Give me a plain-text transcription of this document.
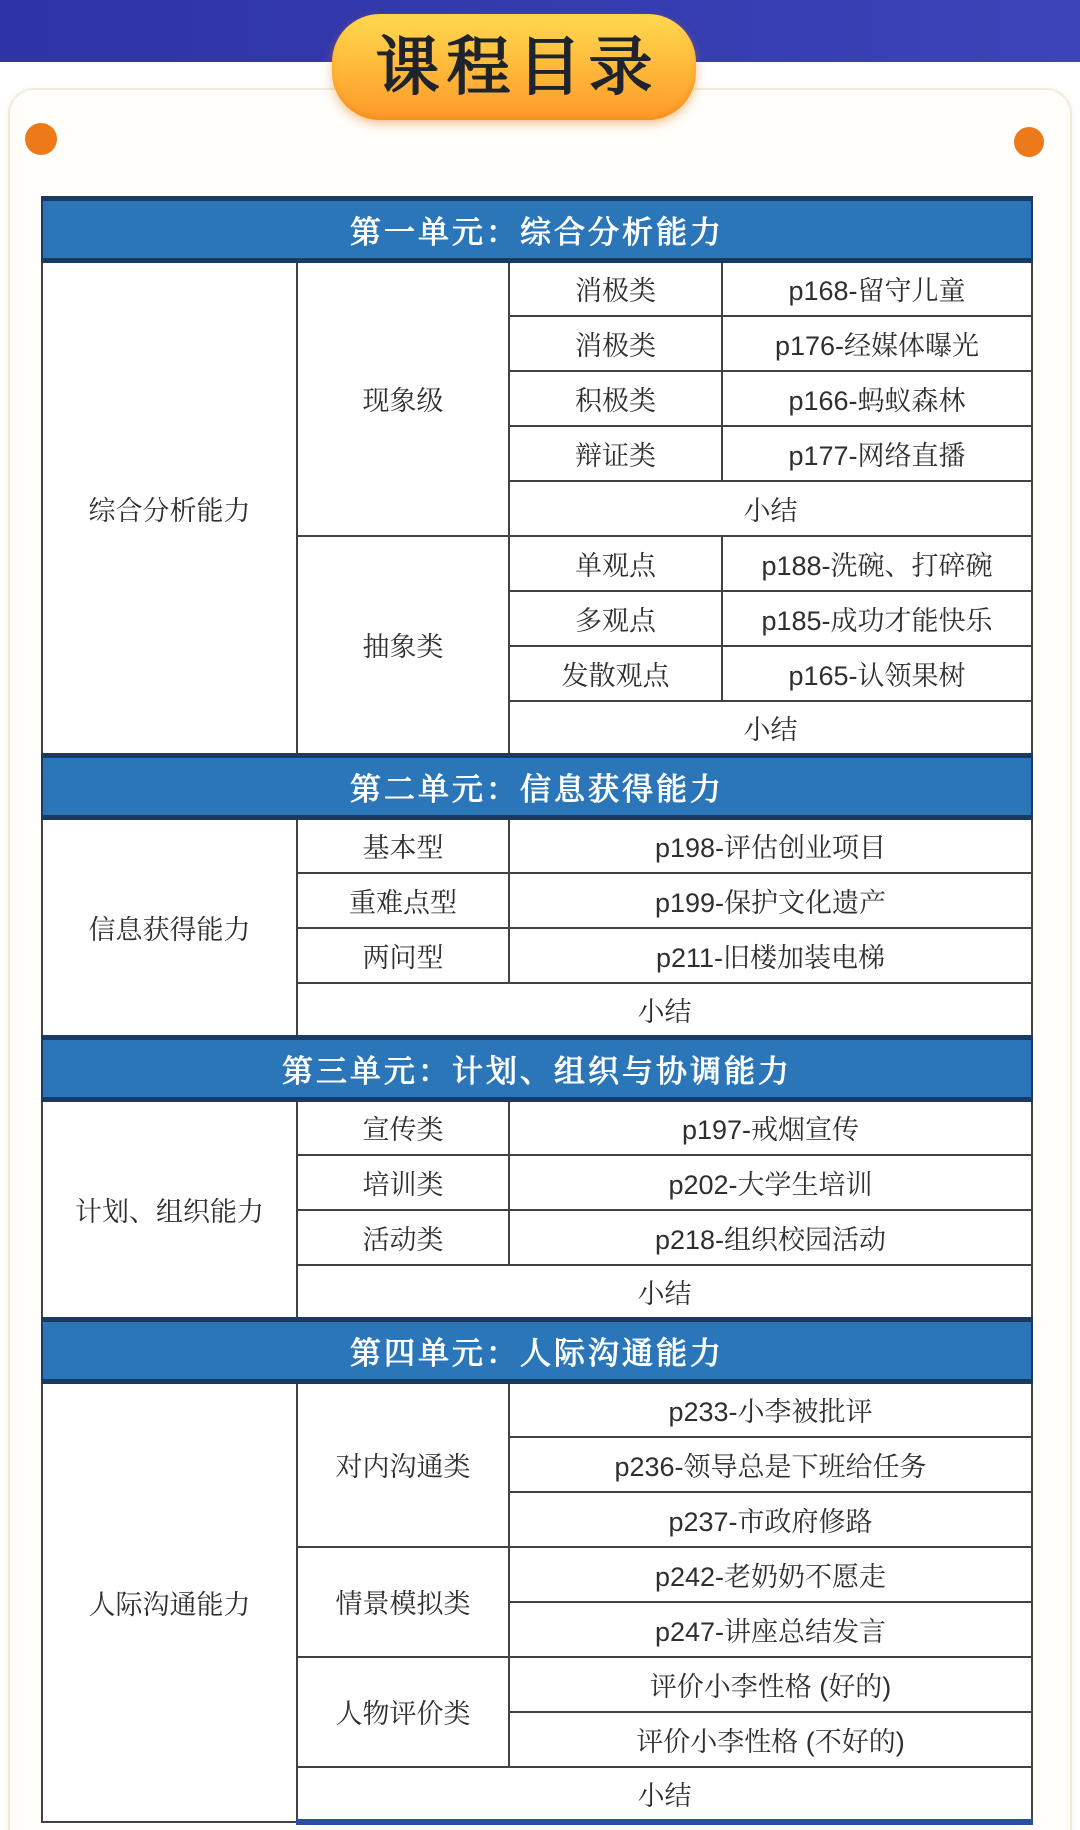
课程目录
第一单元：综合分析能力			
综合分析能力	现象级	消极类	p168-留守儿童
		消极类	p176-经媒体曝光
		积极类	p166-蚂蚁森林
		辩证类	p177-网络直播
		小结	
	抽象类	单观点	p188-洗碗、打碎碗
		多观点	p185-成功才能快乐
		发散观点	p165-认领果树
		小结	
第二单元：信息获得能力			
信息获得能力	基本型	p198-评估创业项目	
	重难点型	p199-保护文化遗产	
	两问型	p211-旧楼加装电梯	
	小结		
第三单元：计划、组织与协调能力			
计划、组织能力	宣传类	p197-戒烟宣传	
	培训类	p202-大学生培训	
	活动类	p218-组织校园活动	
	小结		
第四单元：人际沟通能力			
人际沟通能力	对内沟通类	p233-小李被批评	
		p236-领导总是下班给任务	
		p237-市政府修路	
	情景模拟类	p242-老奶奶不愿走	
		p247-讲座总结发言	
	人物评价类	评价小李性格 (好的)	
		评价小李性格 (不好的)	
	小结		
